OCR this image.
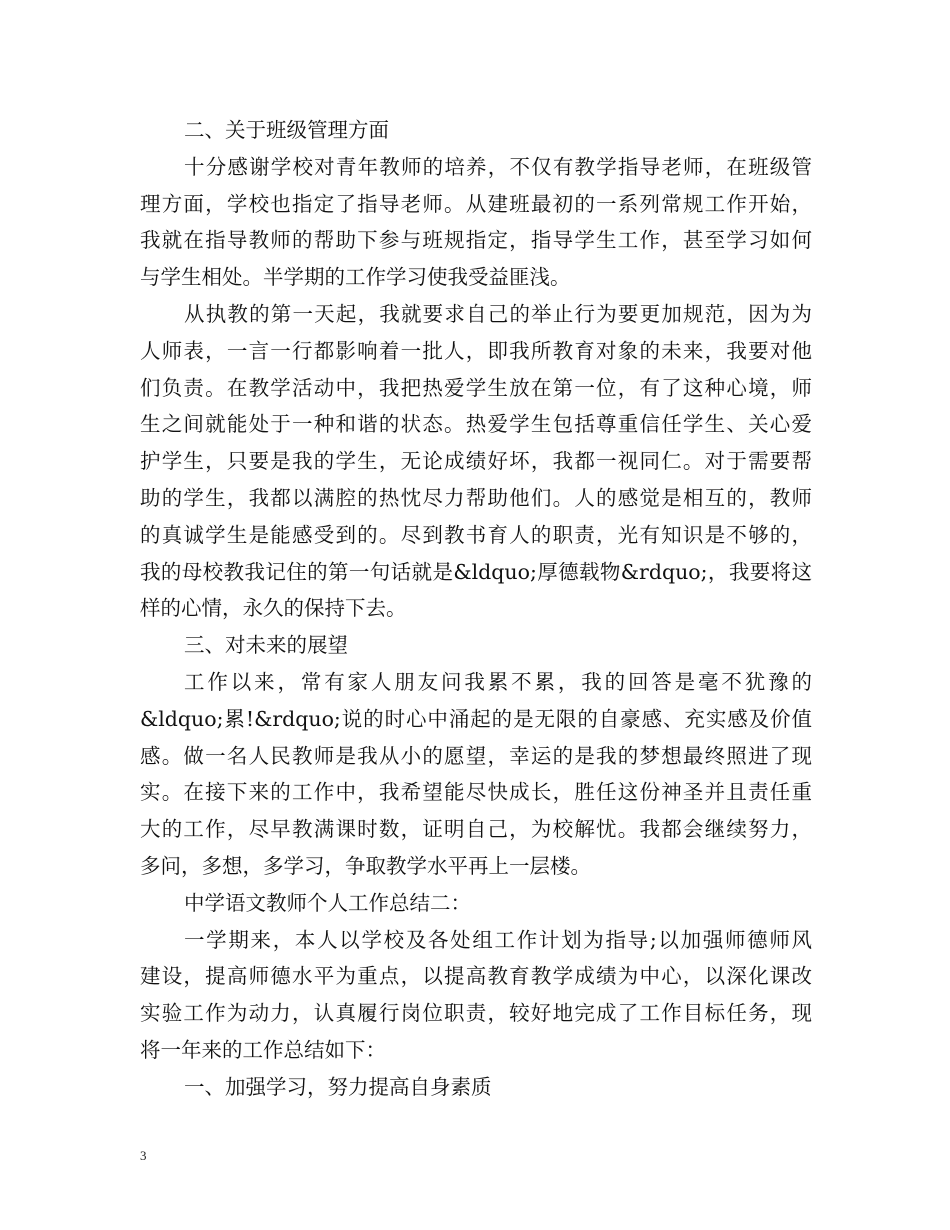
二、关于班级管理方面
十分感谢学校对青年教师的培养，不仅有教学指导老师，在班级管
理方面，学校也指定了指导老师。从建班最初的一系列常规工作开始，
我就在指导教师的帮助下参与班规指定，指导学生工作，甚至学习如何
与学生相处。半学期的工作学习使我受益匪浅。
从执教的第一天起，我就要求自己的举止行为要更加规范，因为为
人师表，一言一行都影响着一批人，即我所教育对象的未来，我要对他
们负责。在教学活动中，我把热爱学生放在第一位，有了这种心境，师
生之间就能处于一种和谐的状态。热爱学生包括尊重信任学生、关心爱
护学生，只要是我的学生，无论成绩好坏，我都一视同仁。对于需要帮
助的学生，我都以满腔的热忱尽力帮助他们。人的感觉是相互的，教师
的真诚学生是能感受到的。尽到教书育人的职责，光有知识是不够的，
我的母校教我记住的第一句话就是&ldquo;厚德载物&rdquo;，我要将这
样的心情，永久的保持下去。
三、对未来的展望
工作以来，常有家人朋友问我累不累，我的回答是毫不犹豫的
&ldquo;累!&rdquo;说的时心中涌起的是无限的自豪感、充实感及价值
感。做一名人民教师是我从小的愿望，幸运的是我的梦想最终照进了现
实。在接下来的工作中，我希望能尽快成长，胜任这份神圣并且责任重
大的工作，尽早教满课时数，证明自己，为校解忧。我都会继续努力，
多问，多想，多学习，争取教学水平再上一层楼。
中学语文教师个人工作总结二：
一学期来，本人以学校及各处组工作计划为指导;以加强师德师风
建设，提高师德水平为重点，以提高教育教学成绩为中心，以深化课改
实验工作为动力，认真履行岗位职责，较好地完成了工作目标任务，现
将一年来的工作总结如下：
一、加强学习，努力提高自身素质
3
